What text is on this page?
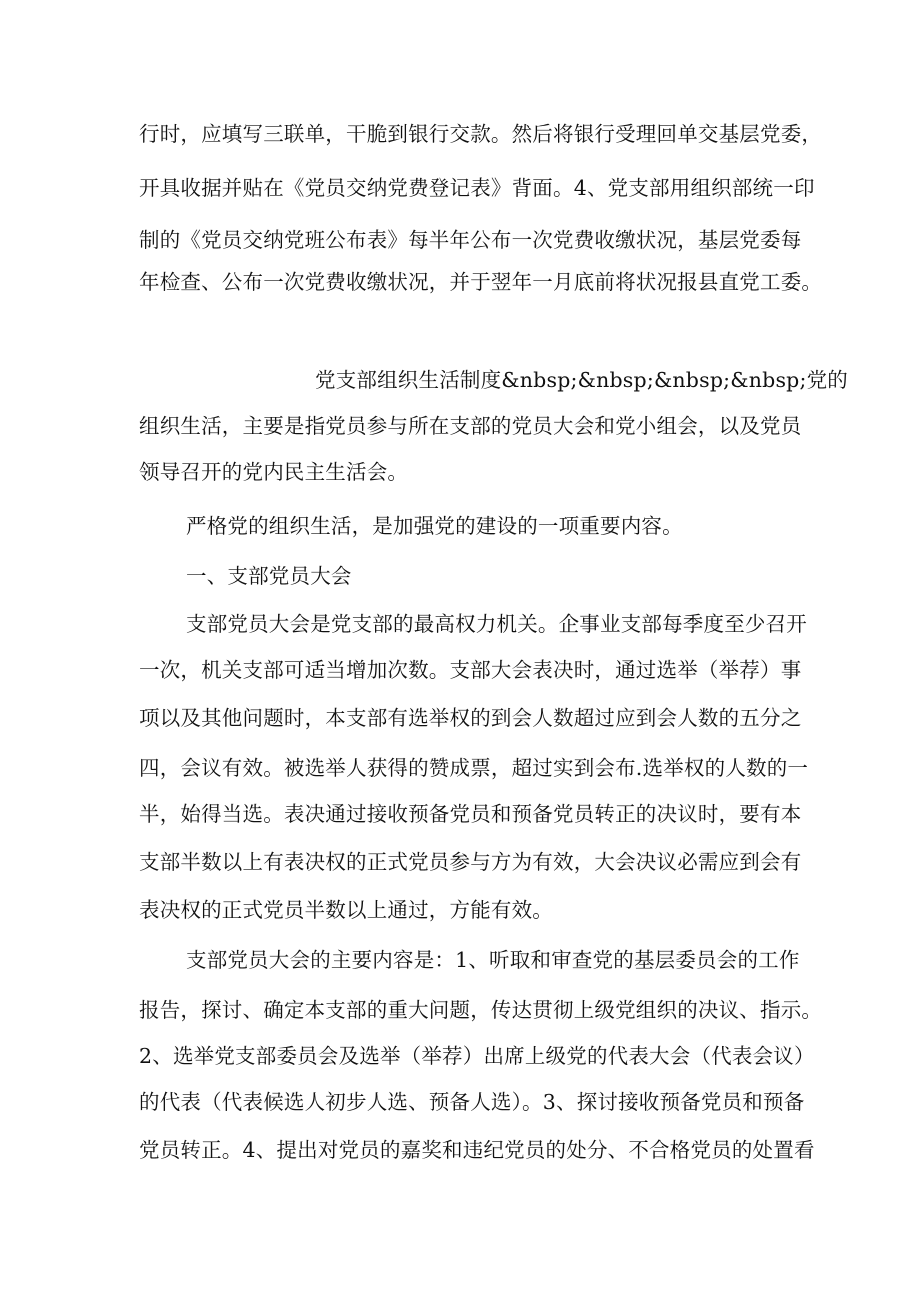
行时，应填写三联单，干脆到银行交款。然后将银行受理回单交基层党委，
开具收据并贴在《党员交纳党费登记表》背面。4、党支部用组织部统一印
制的《党员交纳党班公布表》每半年公布一次党费收缴状况，基层党委每
年检查、公布一次党费收缴状况，并于翌年一月底前将状况报县直党工委。
党支部组织生活制度&nbsp;&nbsp;&nbsp;&nbsp;党的
组织生活，主要是指党员参与所在支部的党员大会和党小组会，以及党员
领导召开的党内民主生活会。
严格党的组织生活，是加强党的建设的一项重要内容。
一、支部党员大会
支部党员大会是党支部的最高权力机关。企事业支部每季度至少召开
一次，机关支部可适当增加次数。支部大会表决时，通过选举（举荐）事
项以及其他问题时，本支部有选举权的到会人数超过应到会人数的五分之
四，会议有效。被选举人获得的赞成票，超过实到会布.选举权的人数的一
半，始得当选。表决通过接收预备党员和预备党员转正的决议时，要有本
支部半数以上有表决权的正式党员参与方为有效，大会决议必需应到会有
表决权的正式党员半数以上通过，方能有效。
支部党员大会的主要内容是：1、听取和审查党的基层委员会的工作
报告，探讨、确定本支部的重大问题，传达贯彻上级党组织的决议、指示。
2、选举党支部委员会及选举（举荐）出席上级党的代表大会（代表会议）
的代表（代表候选人初步人选、预备人选）。3、探讨接收预备党员和预备
党员转正。4、提出对党员的嘉奖和违纪党员的处分、不合格党员的处置看
